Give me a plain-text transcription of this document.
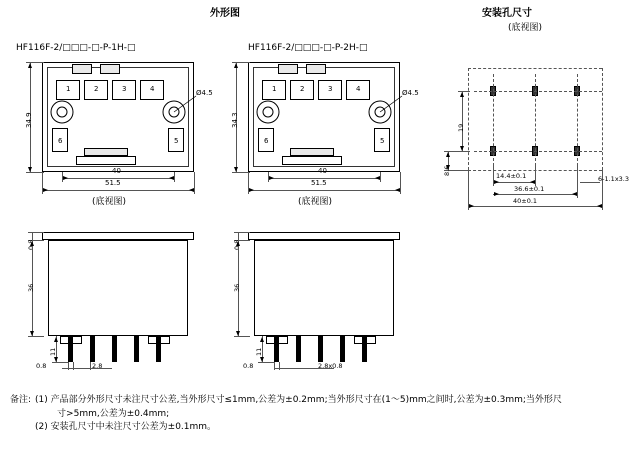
外形图	安装孔尺寸
(底视图)
HF116F-2/□□□-□-P-1H-□	HF116F-2/□□□-□-P-2H-□
1	2	3	4
6	5
Ø4.5
34.9
40
51.5
(底视图)
1	2	3	4
6	5
Ø4.5
34.3
40
51.5
(底视图)
19
8.6	14.4±0.1
36.6±0.1
40±0.1
6-1.1x3.3
0.8
36
11
0.8	2.8
0.8
36
11
0.8	2.8x0.8
备注: (1) 产品部分外形尺寸未注尺寸公差,当外形尺寸≤1mm,公差为±0.2mm;当外形尺寸在(1～5)mm之间时,公差为±0.3mm;当外形尺
寸>5mm,公差为±0.4mm;
(2) 安装孔尺寸中未注尺寸公差为±0.1mm。
